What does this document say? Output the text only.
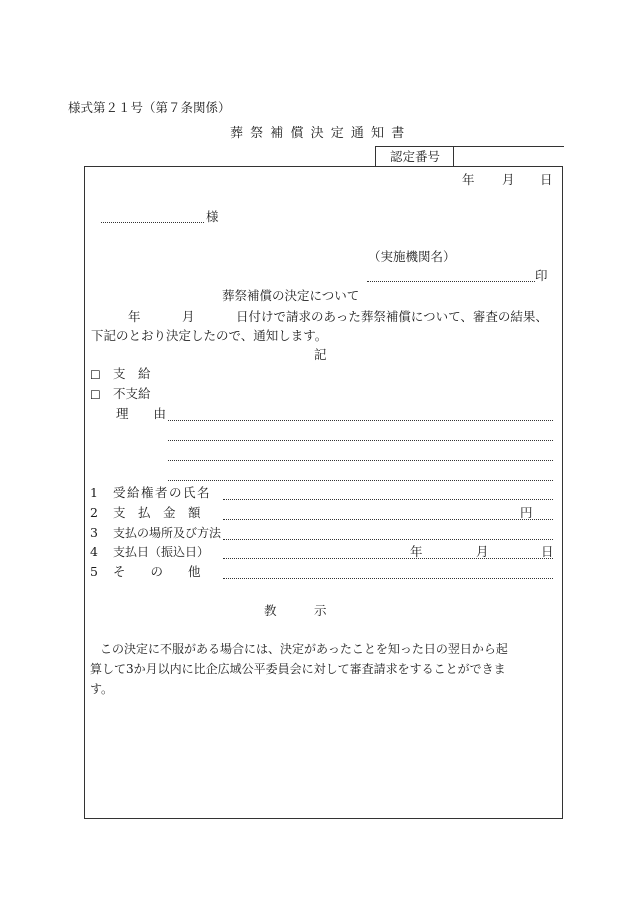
様式第２１号（第７条関係）
葬祭補償決定通知書
認定番号
年 月 日
様
（実施機関名）
印
葬祭補償の決定について
年	月	日付けで請求のあった葬祭補償について、審査の結果、
下記のとおり決定したので、通知します。
記
☐ 支　給
☐ 不支給
理　　由
1 受給権者の氏名
2 支　払　金　額	円
3 支払の場所及び方法
4 支払日（振込日）	年	月	日
5 そ　　の　　他
教　　　示
この決定に不服がある場合には、決定があったことを知った日の翌日から起
算して3か月以内に比企広域公平委員会に対して審査請求をすることができま
す。
